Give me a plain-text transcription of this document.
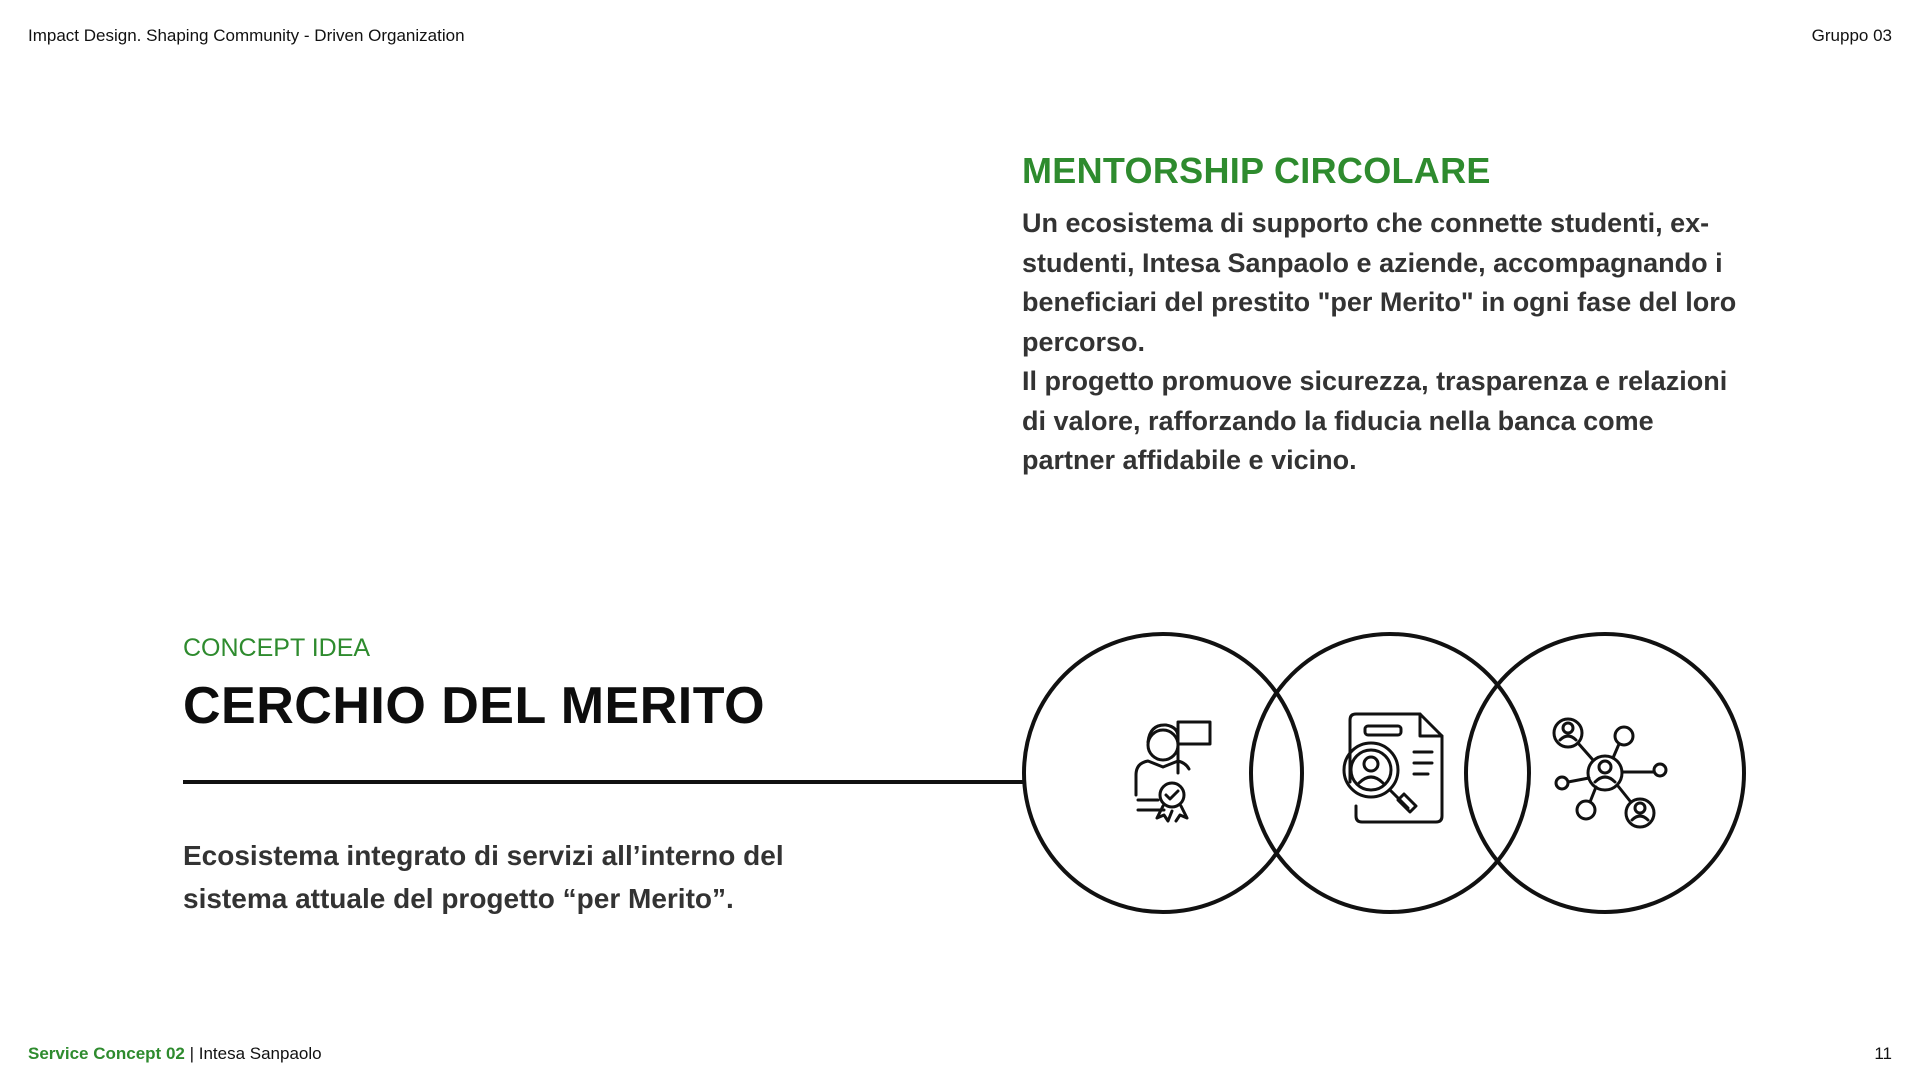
Impact Design. Shaping Community - Driven Organization	Gruppo 03
MENTORSHIP CIRCOLARE

Un ecosistema di supporto che connette studenti, ex-studenti, Intesa Sanpaolo e aziende, accompagnando i beneficiari del prestito "per Merito" in ogni fase del loro percorso.

Il progetto promuove sicurezza, trasparenza e relazioni di valore, rafforzando la fiducia nella banca come partner affidabile e vicino.

CONCEPT IDEA
CERCHIO DEL MERITO
Ecosistema integrato di servizi all’interno del sistema attuale del progetto “per Merito”.
Service Concept 02 | Intesa Sanpaolo	11
